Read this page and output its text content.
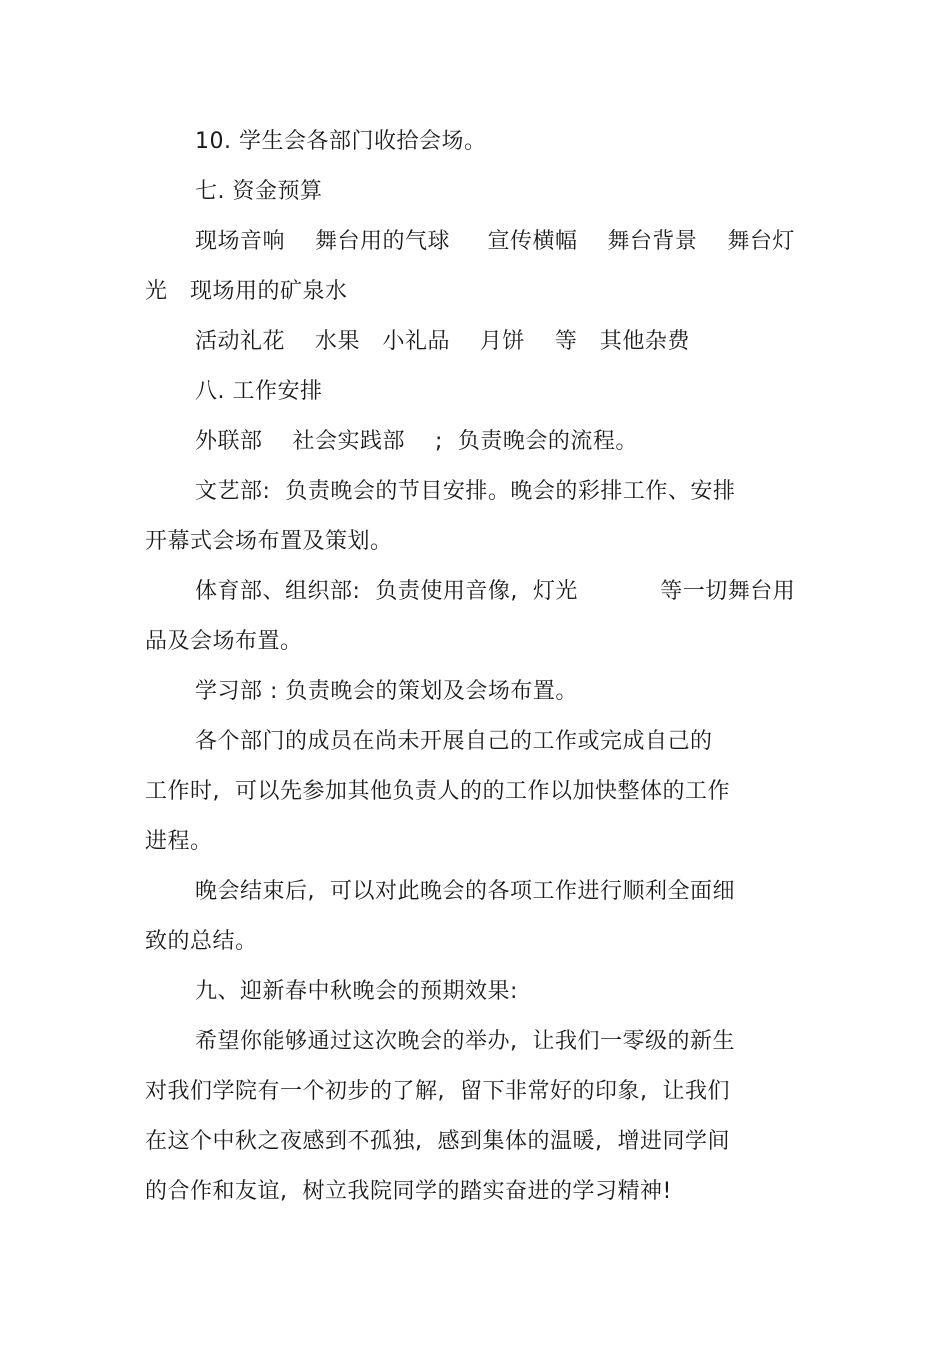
10. 学生会各部门收拾会场。
七. 资金预算
现场音响    舞台用的气球     宣传横幅    舞台背景    舞台灯
光   现场用的矿泉水
活动礼花    水果   小礼品    月饼    等   其他杂费
八. 工作安排
外联部    社会实践部    ;  负责晚会的流程。
文艺部:  负责晚会的节目安排。晚会的彩排工作、安排
开幕式会场布置及策划。
体育部、组织部:  负责使用音像,  灯光           等一切舞台用
品及会场布置。
学习部 : 负责晚会的策划及会场布置。
各个部门的成员在尚未开展自己的工作或完成自己的
工作时,  可以先参加其他负责人的的工作以加快整体的工作
进程。
晚会结束后,  可以对此晚会的各项工作进行顺利全面细
致的总结。
九、迎新春中秋晚会的预期效果:
希望你能够通过这次晚会的举办,  让我们一零级的新生
对我们学院有一个初步的了解,  留下非常好的印象,  让我们
在这个中秋之夜感到不孤独,  感到集体的温暖,  增进同学间
的合作和友谊,  树立我院同学的踏实奋进的学习精神!
